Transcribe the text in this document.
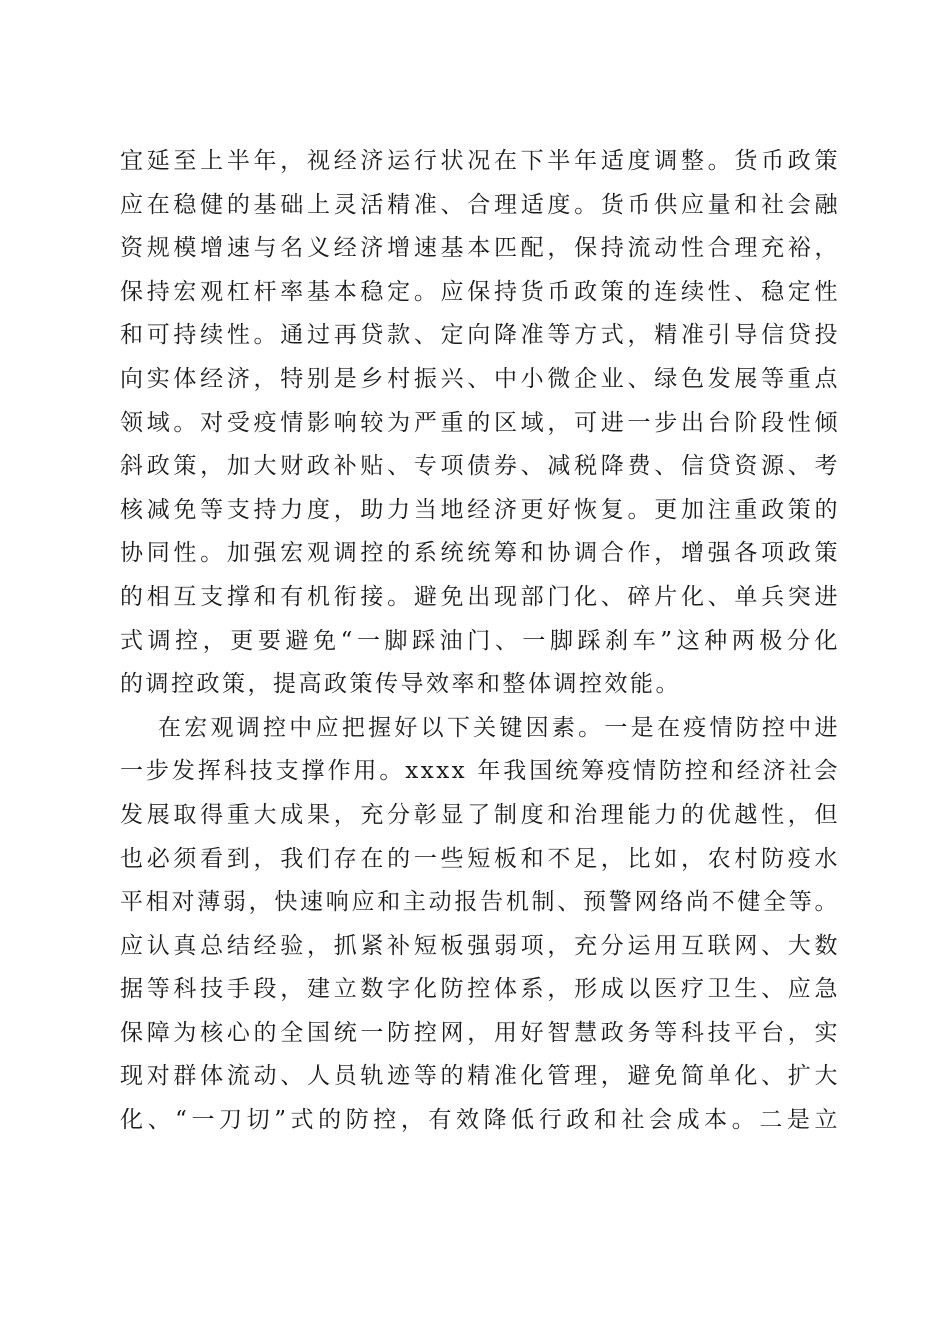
宜延至上半年，视经济运行状况在下半年适度调整。货币政策
应在稳健的基础上灵活精准、合理适度。货币供应量和社会融
资规模增速与名义经济增速基本匹配，保持流动性合理充裕，
保持宏观杠杆率基本稳定。应保持货币政策的连续性、稳定性
和可持续性。通过再贷款、定向降准等方式，精准引导信贷投
向实体经济，特别是乡村振兴、中小微企业、绿色发展等重点
领域。对受疫情影响较为严重的区域，可进一步出台阶段性倾
斜政策，加大财政补贴、专项债券、减税降费、信贷资源、考
核减免等支持力度，助力当地经济更好恢复。更加注重政策的
协同性。加强宏观调控的系统统筹和协调合作，增强各项政策
的相互支撑和有机衔接。避免出现部门化、碎片化、单兵突进
式调控，更要避免“一脚踩油门、一脚踩刹车”这种两极分化
的调控政策，提高政策传导效率和整体调控效能。
在宏观调控中应把握好以下关键因素。一是在疫情防控中进
一步发挥科技支撑作用。xxxx 年我国统筹疫情防控和经济社会
发展取得重大成果，充分彰显了制度和治理能力的优越性，但
也必须看到，我们存在的一些短板和不足，比如，农村防疫水
平相对薄弱，快速响应和主动报告机制、预警网络尚不健全等。
应认真总结经验，抓紧补短板强弱项，充分运用互联网、大数
据等科技手段，建立数字化防控体系，形成以医疗卫生、应急
保障为核心的全国统一防控网，用好智慧政务等科技平台，实
现对群体流动、人员轨迹等的精准化管理，避免简单化、扩大
化、“一刀切”式的防控，有效降低行政和社会成本。二是立
